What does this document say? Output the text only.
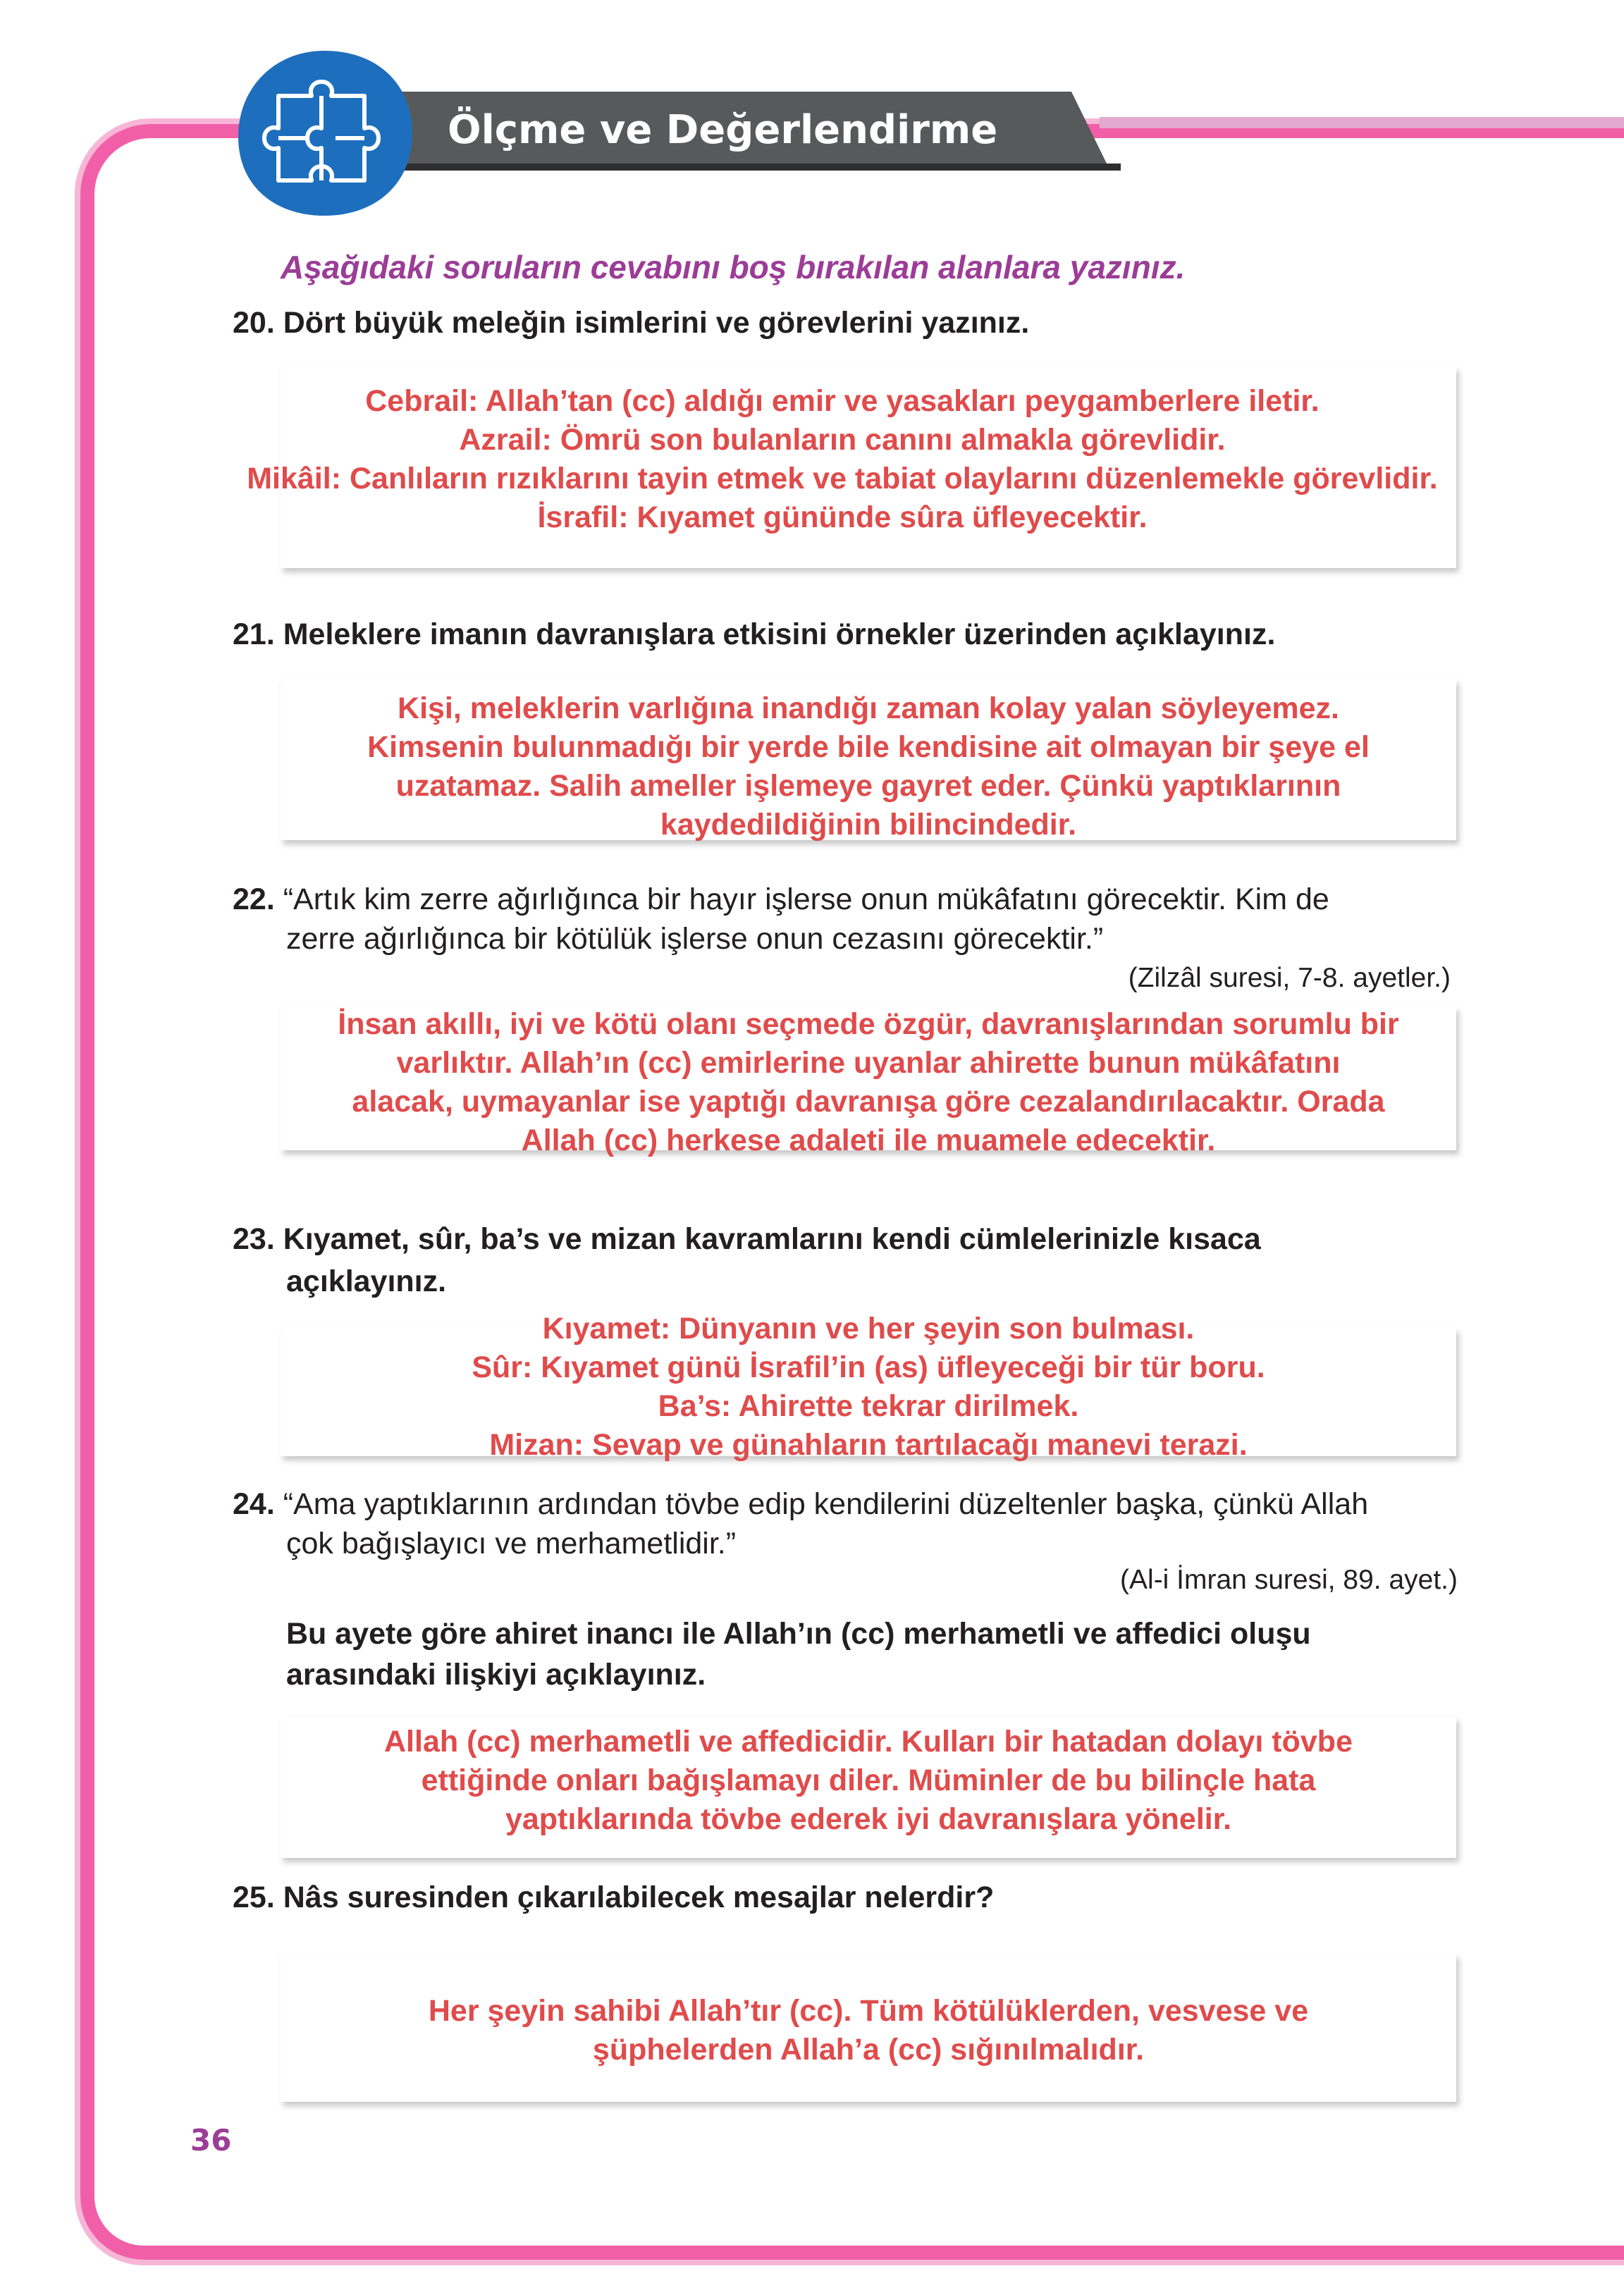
Ölçme ve Değerlendirme
Aşağıdaki soruların cevabını boş bırakılan alanlara yazınız.
20. Dört büyük meleğin isimlerini ve görevlerini yazınız.
Cebrail: Allah’tan (cc) aldığı emir ve yasakları peygamberlere iletir.
Azrail: Ömrü son bulanların canını almakla görevlidir.
Mikâil: Canlıların rızıklarını tayin etmek ve tabiat olaylarını düzenlemekle görevlidir.
İsrafil: Kıyamet gününde sûra üfleyecektir.
21. Meleklere imanın davranışlara etkisini örnekler üzerinden açıklayınız.
Kişi, meleklerin varlığına inandığı zaman kolay yalan söyleyemez.
Kimsenin bulunmadığı bir yerde bile kendisine ait olmayan bir şeye el
uzatamaz. Salih ameller işlemeye gayret eder. Çünkü yaptıklarının
kaydedildiğinin bilincindedir.
22. “Artık kim zerre ağırlığınca bir hayır işlerse onun mükâfatını görecektir. Kim de
zerre ağırlığınca bir kötülük işlerse onun cezasını görecektir.”
(Zilzâl suresi, 7-8. ayetler.)
İnsan akıllı, iyi ve kötü olanı seçmede özgür, davranışlarından sorumlu bir
varlıktır. Allah’ın (cc) emirlerine uyanlar ahirette bunun mükâfatını
alacak, uymayanlar ise yaptığı davranışa göre cezalandırılacaktır. Orada
Allah (cc) herkese adaleti ile muamele edecektir.
23. Kıyamet, sûr, ba’s ve mizan kavramlarını kendi cümlelerinizle kısaca
açıklayınız.
Kıyamet: Dünyanın ve her şeyin son bulması.
Sûr: Kıyamet günü İsrafil’in (as) üfleyeceği bir tür boru.
Ba’s: Ahirette tekrar dirilmek.
Mizan: Sevap ve günahların tartılacağı manevi terazi.
24. “Ama yaptıklarının ardından tövbe edip kendilerini düzeltenler başka, çünkü Allah
çok bağışlayıcı ve merhametlidir.”
(Al-i İmran suresi, 89. ayet.)
Bu ayete göre ahiret inancı ile Allah’ın (cc) merhametli ve affedici oluşu
arasındaki ilişkiyi açıklayınız.
Allah (cc) merhametli ve affedicidir. Kulları bir hatadan dolayı tövbe
ettiğinde onları bağışlamayı diler. Müminler de bu bilinçle hata
yaptıklarında tövbe ederek iyi davranışlara yönelir.
25. Nâs suresinden çıkarılabilecek mesajlar nelerdir?
Her şeyin sahibi Allah’tır (cc). Tüm kötülüklerden, vesvese ve
şüphelerden Allah’a (cc) sığınılmalıdır.
36
